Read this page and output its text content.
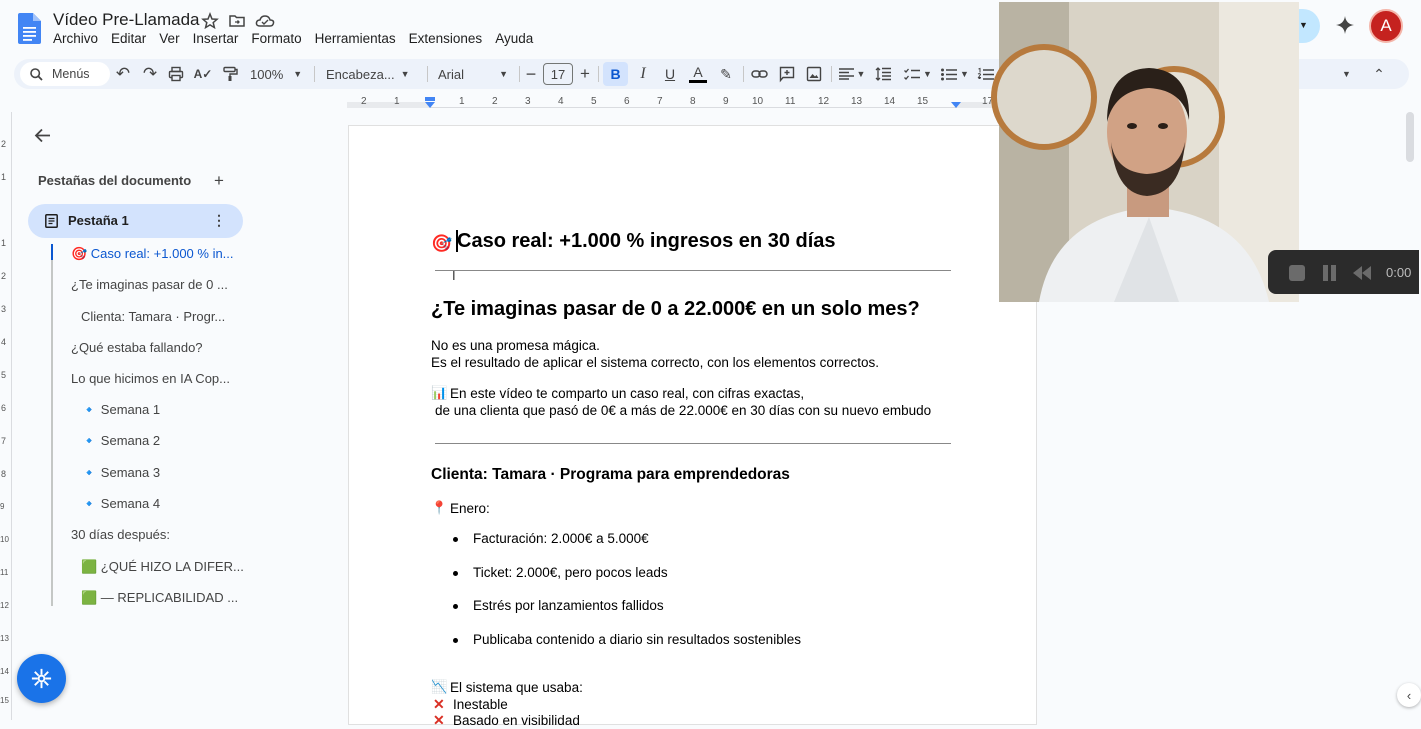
Vídeo Pre-Llamada
Archivo Editar Ver Insertar Formato Herramientas Extensiones Ayuda
▼	A
Menús ↶ ↷	A✓	100% ▼ Encabeza... ▼ Arial	▼ − 17 +	B	I	U	A	✎	▼	▼	▼	▼ ⌃
2	1	1	2	3	4	5	6	7	8	9 10 11 12 13 14 15	17
2
1
1
2
3
4
5
6
7
8
9
10
11
12
13
14
15
Pestañas del documento +
Pestaña 1	⋮
🎯 Caso real: +1.000 % in...
¿Te imaginas pasar de 0 ...
Clienta: Tamara · Progr...
¿Qué estaba fallando?
Lo que hicimos en IA Cop...
🔹 Semana 1
🔹 Semana 2
🔹 Semana 3
🔹 Semana 4
30 días después:
🟩 ¿QUÉ HIZO LA DIFER...
🟩 — REPLICABILIDAD ...
🎯 Caso real: +1.000 % ingresos en 30 días
I
¿Te imaginas pasar de 0 a 22.000€ en un solo mes?
No es una promesa mágica.
Es el resultado de aplicar el sistema correcto, con los elementos correctos.
📊 En este vídeo te comparto un caso real, con cifras exactas,
de una clienta que pasó de 0€ a más de 22.000€ en 30 días con su nuevo embudo
Clienta: Tamara · Programa para emprendedoras
📍 Enero:
Facturación: 2.000€ a 5.000€
Ticket: 2.000€, pero pocos leads
Estrés por lanzamientos fallidos
Publicaba contenido a diario sin resultados sostenibles
📉 El sistema que usaba:
✕ Inestable
✕ Basado en visibilidad
‹
0:00
